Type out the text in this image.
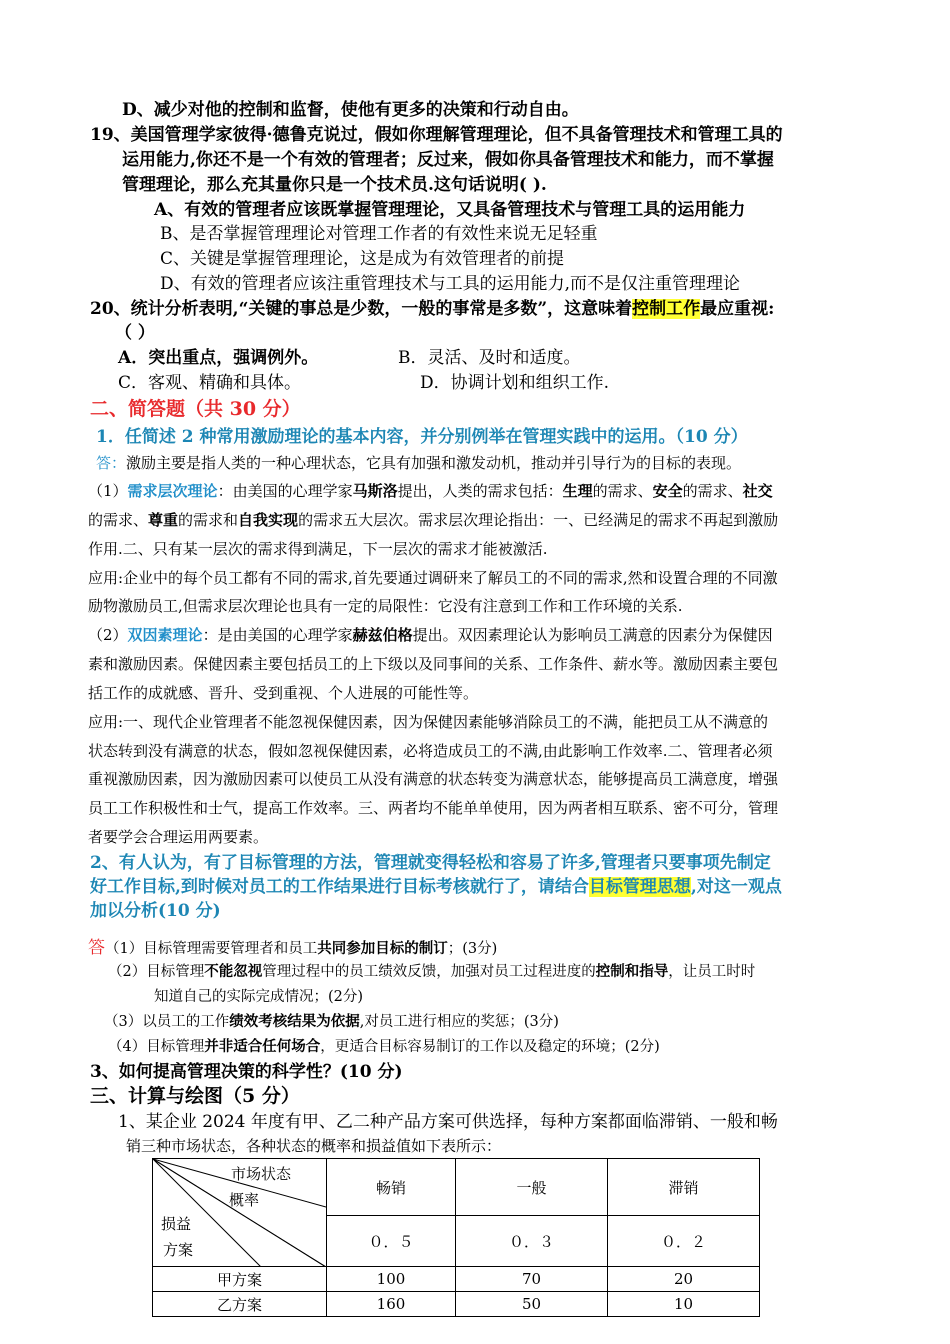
D、减少对他的控制和监督，使他有更多的决策和行动自由。
19、美国管理学家彼得·德鲁克说过，假如你理解管理理论，但不具备管理技术和管理工具的
运用能力,你还不是一个有效的管理者；反过来，假如你具备管理技术和能力，而不掌握
管理理论，那么充其量你只是一个技术员.这句话说明( ).
A、有效的管理者应该既掌握管理理论，又具备管理技术与管理工具的运用能力
B、是否掌握管理理论对管理工作者的有效性来说无足轻重
C、关键是掌握管理理论，这是成为有效管理者的前提
D、有效的管理者应该注重管理技术与工具的运用能力,而不是仅注重管理理论
20、统计分析表明,“关键的事总是少数，一般的事常是多数”，这意味着控制工作最应重视:
（ ）
A．突出重点，强调例外。	B．灵活、及时和适度。
C．客观、精确和具体。	D．协调计划和组织工作.
二、简答题（共 30 分）
1．任简述 2 种常用激励理论的基本内容，并分别例举在管理实践中的运用。（10 分）
答：激励主要是指人类的一种心理状态，它具有加强和激发动机，推动并引导行为的目标的表现。
（1）需求层次理论：由美国的心理学家马斯洛提出，人类的需求包括：生理的需求、安全的需求、社交
的需求、尊重的需求和自我实现的需求五大层次。需求层次理论指出：一、已经满足的需求不再起到激励
作用.二、只有某一层次的需求得到满足，下一层次的需求才能被激活.
应用:企业中的每个员工都有不同的需求,首先要通过调研来了解员工的不同的需求,然和设置合理的不同激
励物激励员工,但需求层次理论也具有一定的局限性：它没有注意到工作和工作环境的关系.
（2）双因素理论：是由美国的心理学家赫兹伯格提出。双因素理论认为影响员工满意的因素分为保健因
素和激励因素。保健因素主要包括员工的上下级以及同事间的关系、工作条件、薪水等。激励因素主要包
括工作的成就感、晋升、受到重视、个人进展的可能性等。
应用:一、现代企业管理者不能忽视保健因素，因为保健因素能够消除员工的不满，能把员工从不满意的
状态转到没有满意的状态，假如忽视保健因素，必将造成员工的不满,由此影响工作效率.二、管理者必须
重视激励因素，因为激励因素可以使员工从没有满意的状态转变为满意状态，能够提高员工满意度，增强
员工工作积极性和士气，提高工作效率。三、两者均不能单单使用，因为两者相互联系、密不可分，管理
者要学会合理运用两要素。
2、有人认为，有了目标管理的方法，管理就变得轻松和容易了许多,管理者只要事项先制定
好工作目标,到时候对员工的工作结果进行目标考核就行了，请结合目标管理思想,对这一观点
加以分析(10 分)
答（1）目标管理需要管理者和员工共同参加目标的制订；(3分)
（2）目标管理不能忽视管理过程中的员工绩效反馈，加强对员工过程进度的控制和指导，让员工时时
知道自己的实际完成情况；(2分)
（3）以员工的工作绩效考核结果为依据,对员工进行相应的奖惩；(3分)
（4）目标管理并非适合任何场合，更适合目标容易制订的工作以及稳定的环境；(2分)
3、如何提高管理决策的科学性？(10 分)
三、计算与绘图（5 分）
1、某企业 2024 年度有甲、乙二种产品方案可供选择，每种方案都面临滞销、一般和畅
销三种市场状态，各种状态的概率和损益值如下表所示：
市场状态
概率
损益
方案	畅销	一般	滞销
	０．５	０．３	０．２
甲方案	100	70	20
乙方案	160	50	10
